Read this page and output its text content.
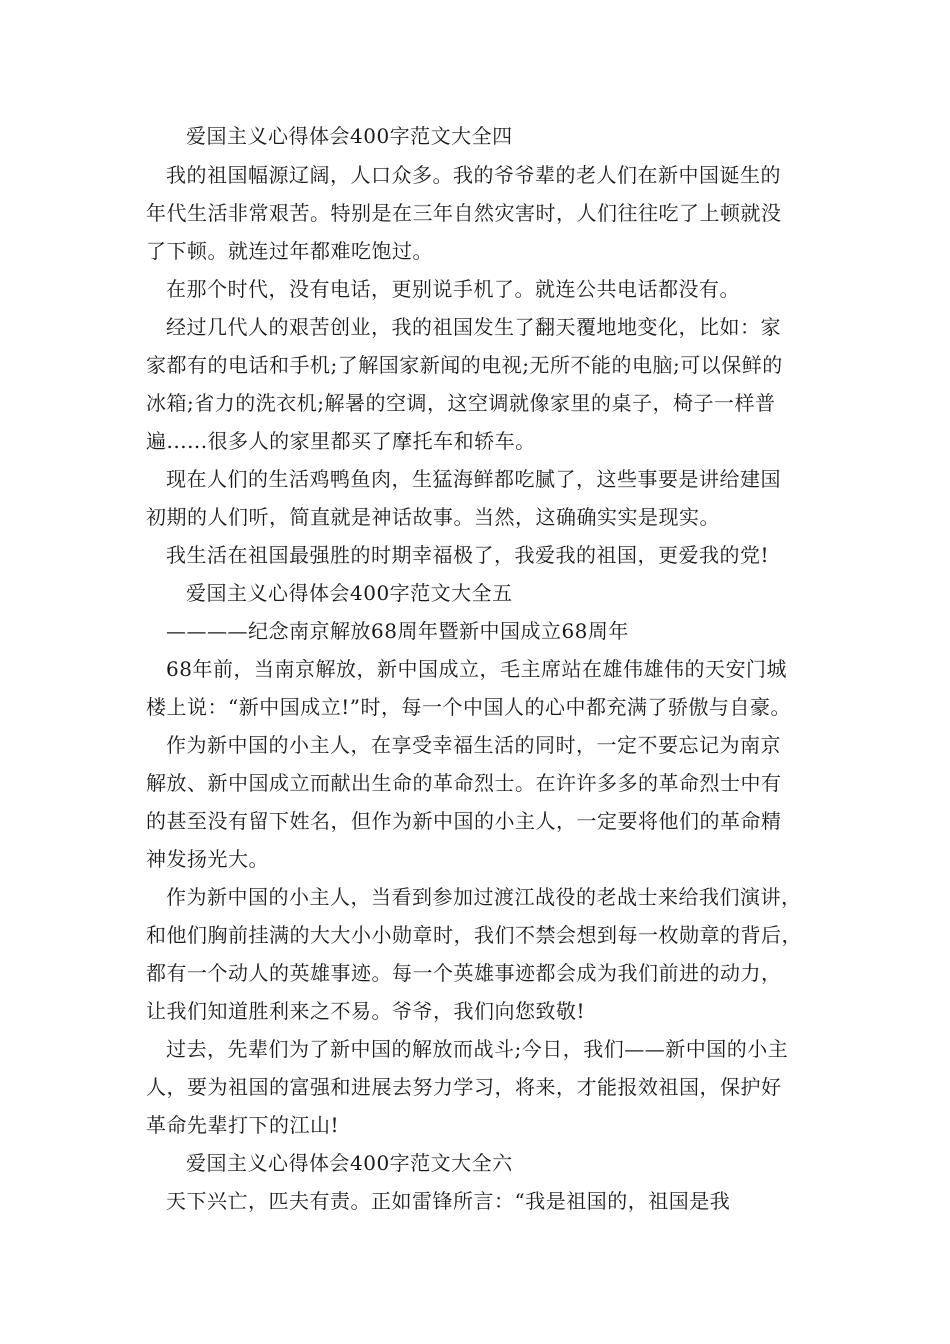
爱国主义心得体会400字范文大全四
我的祖国幅源辽阔，人口众多。我的爷爷辈的老人们在新中国诞生的
年代生活非常艰苦。特别是在三年自然灾害时，人们往往吃了上顿就没
了下顿。就连过年都难吃饱过。
在那个时代，没有电话，更别说手机了。就连公共电话都没有。
经过几代人的艰苦创业，我的祖国发生了翻天覆地地变化，比如：家
家都有的电话和手机;了解国家新闻的电视;无所不能的电脑;可以保鲜的
冰箱;省力的洗衣机;解暑的空调，这空调就像家里的桌子，椅子一样普
遍......很多人的家里都买了摩托车和轿车。
现在人们的生活鸡鸭鱼肉，生猛海鲜都吃腻了，这些事要是讲给建国
初期的人们听，简直就是神话故事。当然，这确确实实是现实。
我生活在祖国最强胜的时期幸福极了，我爱我的祖国，更爱我的党!
爱国主义心得体会400字范文大全五
————纪念南京解放68周年暨新中国成立68周年
68年前，当南京解放，新中国成立，毛主席站在雄伟雄伟的天安门城
楼上说：“新中国成立!”时，每一个中国人的心中都充满了骄傲与自豪。
作为新中国的小主人，在享受幸福生活的同时，一定不要忘记为南京
解放、新中国成立而献出生命的革命烈士。在许许多多的革命烈士中有
的甚至没有留下姓名，但作为新中国的小主人，一定要将他们的革命精
神发扬光大。
作为新中国的小主人，当看到参加过渡江战役的老战士来给我们演讲，
和他们胸前挂满的大大小小勋章时，我们不禁会想到每一枚勋章的背后，
都有一个动人的英雄事迹。每一个英雄事迹都会成为我们前进的动力，
让我们知道胜利来之不易。爷爷，我们向您致敬!
过去，先辈们为了新中国的解放而战斗;今日，我们——新中国的小主
人，要为祖国的富强和进展去努力学习，将来，才能报效祖国，保护好
革命先辈打下的江山!
爱国主义心得体会400字范文大全六
天下兴亡，匹夫有责。正如雷锋所言：“我是祖国的，祖国是我
